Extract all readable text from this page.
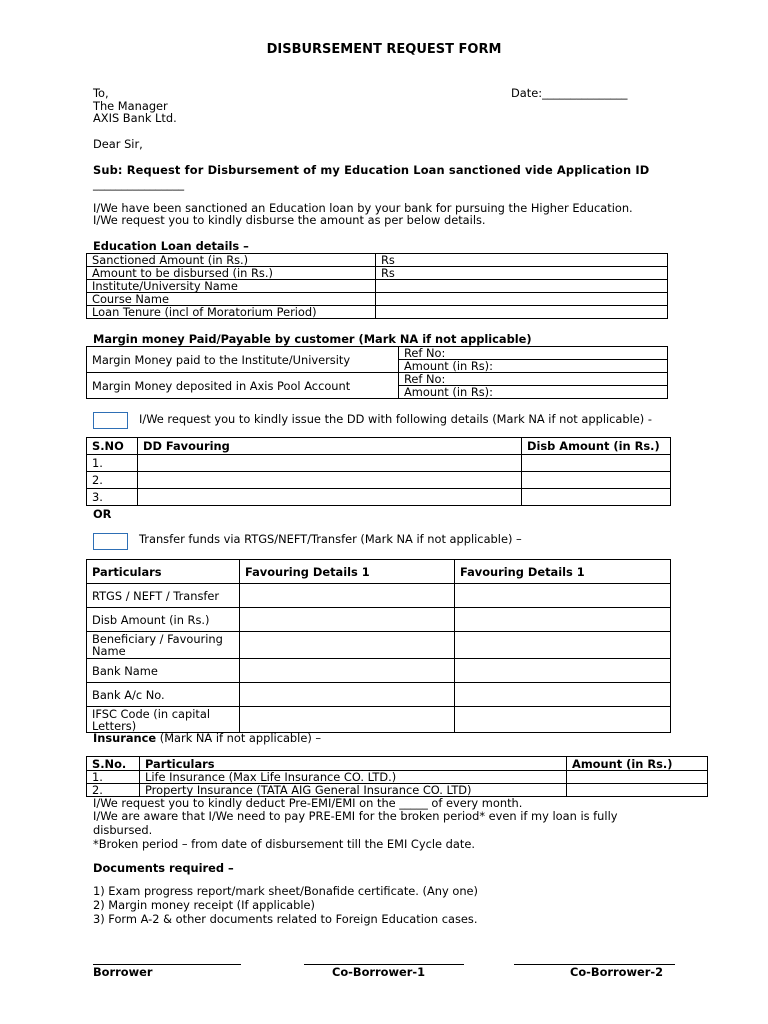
DISBURSEMENT REQUEST FORM
To,
The Manager
AXIS Bank Ltd.
Date:_______________
Dear Sir,
Sub: Request for Disbursement of my Education Loan sanctioned vide Application ID
________________
I/We have been sanctioned an Education loan by your bank for pursuing the Higher Education.
I/We request you to kindly disburse the amount as per below details.
Education Loan details –
Sanctioned Amount (in Rs.)	Rs
Amount to be disbursed (in Rs.)	Rs
Institute/University Name	
Course Name	
Loan Tenure (incl of Moratorium Period)	
Margin money Paid/Payable by customer (Mark NA if not applicable)
Margin Money paid to the Institute/University	Ref No:
	Amount (in Rs):
Margin Money deposited in Axis Pool Account	Ref No:
	Amount (in Rs):
I/We request you to kindly issue the DD with following details (Mark NA if not applicable) -
S.NO	DD Favouring	Disb Amount (in Rs.)
1.		
2.		
3.		
OR
Transfer funds via RTGS/NEFT/Transfer (Mark NA if not applicable) –
Particulars	Favouring Details 1	Favouring Details 1
RTGS / NEFT / Transfer		
Disb Amount (in Rs.)		
Beneficiary / Favouring Name		
Bank Name		
Bank A/c No.		
IFSC Code (in capital Letters)		
Insurance (Mark NA if not applicable) –
S.No.	Particulars	Amount (in Rs.)
1.	Life Insurance (Max Life Insurance CO. LTD.)	
2.	Property Insurance (TATA AIG General Insurance CO. LTD)	
I/We request you to kindly deduct Pre-EMI/EMI on the _____ of every month.
I/We are aware that I/We need to pay PRE-EMI for the broken period* even if my loan is fully
disbursed.
*Broken period – from date of disbursement till the EMI Cycle date.
Documents required –
1) Exam progress report/mark sheet/Bonafide certificate. (Any one)
2) Margin money receipt (If applicable)
3) Form A-2 & other documents related to Foreign Education cases.
Borrower	Co-Borrower-1	Co-Borrower-2
